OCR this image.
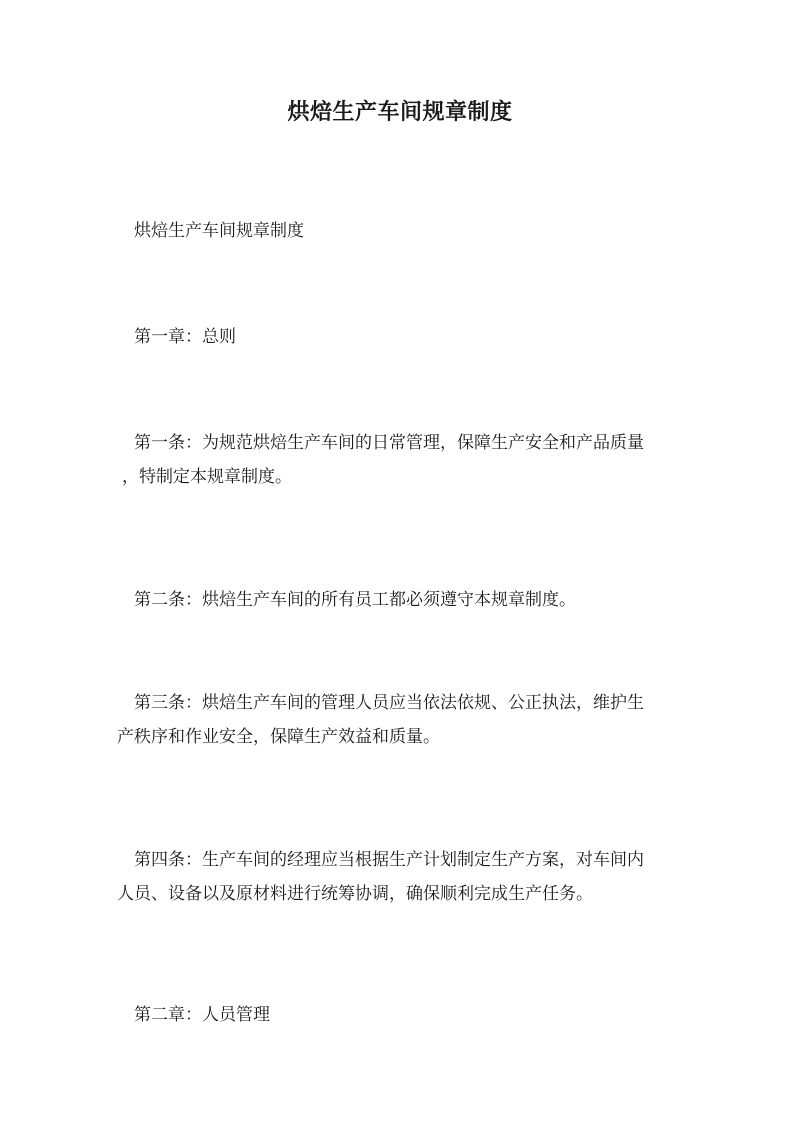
烘焙生产车间规章制度
烘焙生产车间规章制度
第一章：总则
第一条：为规范烘焙生产车间的日常管理，保障生产安全和产品质量
，特制定本规章制度。
第二条：烘焙生产车间的所有员工都必须遵守本规章制度。
第三条：烘焙生产车间的管理人员应当依法依规、公正执法，维护生
产秩序和作业安全，保障生产效益和质量。
第四条：生产车间的经理应当根据生产计划制定生产方案，对车间内
人员、设备以及原材料进行统筹协调，确保顺利完成生产任务。
第二章：人员管理
